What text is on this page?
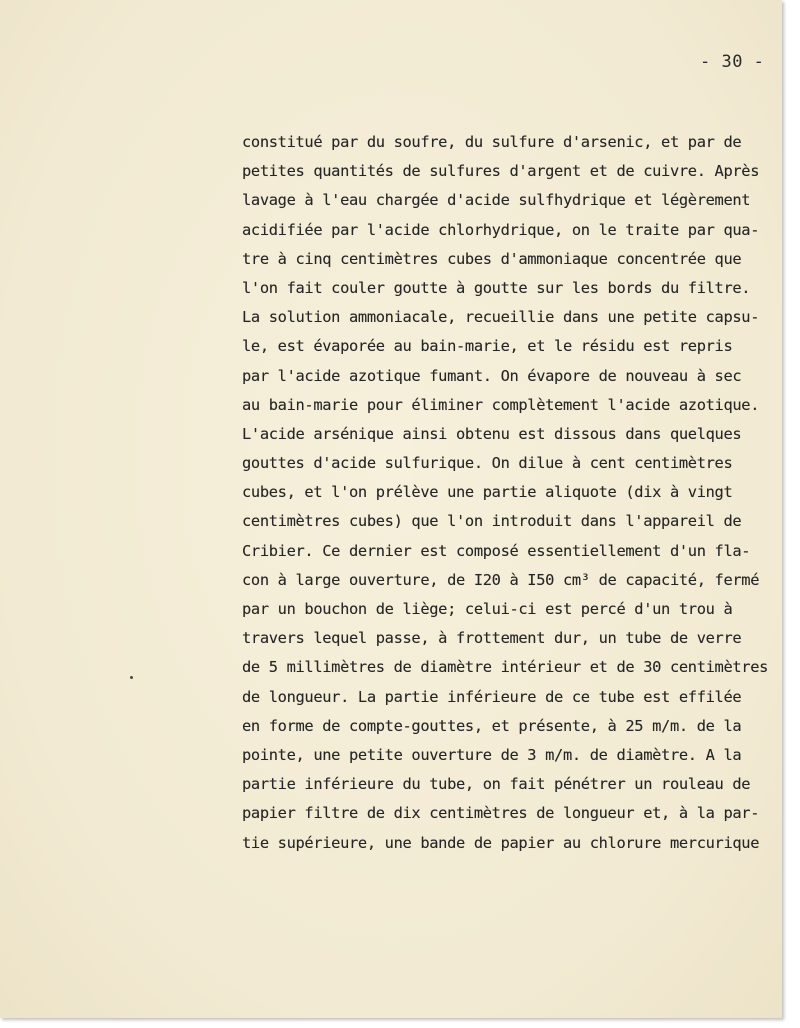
- 30 -
constitué par du soufre, du sulfure d'arsenic, et par de
petites quantités de sulfures d'argent et de cuivre. Après
lavage à l'eau chargée d'acide sulfhydrique et légèrement
acidifiée par l'acide chlorhydrique, on le traite par qua-
tre à cinq centimètres cubes d'ammoniaque concentrée que
l'on fait couler goutte à goutte sur les bords du filtre.
La solution ammoniacale, recueillie dans une petite capsu-
le, est évaporée au bain-marie, et le résidu est repris
par l'acide azotique fumant. On évapore de nouveau à sec
au bain-marie pour éliminer complètement l'acide azotique.
L'acide arsénique ainsi obtenu est dissous dans quelques
gouttes d'acide sulfurique. On dilue à cent centimètres
cubes, et l'on prélève une partie aliquote (dix à vingt
centimètres cubes) que l'on introduit dans l'appareil de
Cribier. Ce dernier est composé essentiellement d'un fla-
con à large ouverture, de I20 à I50 cm³ de capacité, fermé
par un bouchon de liège; celui-ci est percé d'un trou à
travers lequel passe, à frottement dur, un tube de verre
de 5 millimètres de diamètre intérieur et de 30 centimètres
de longueur. La partie inférieure de ce tube est effilée
en forme de compte-gouttes, et présente, à 25 m/m. de la
pointe, une petite ouverture de 3 m/m. de diamètre. A la
partie inférieure du tube, on fait pénétrer un rouleau de
papier filtre de dix centimètres de longueur et, à la par-
tie supérieure, une bande de papier au chlorure mercurique
